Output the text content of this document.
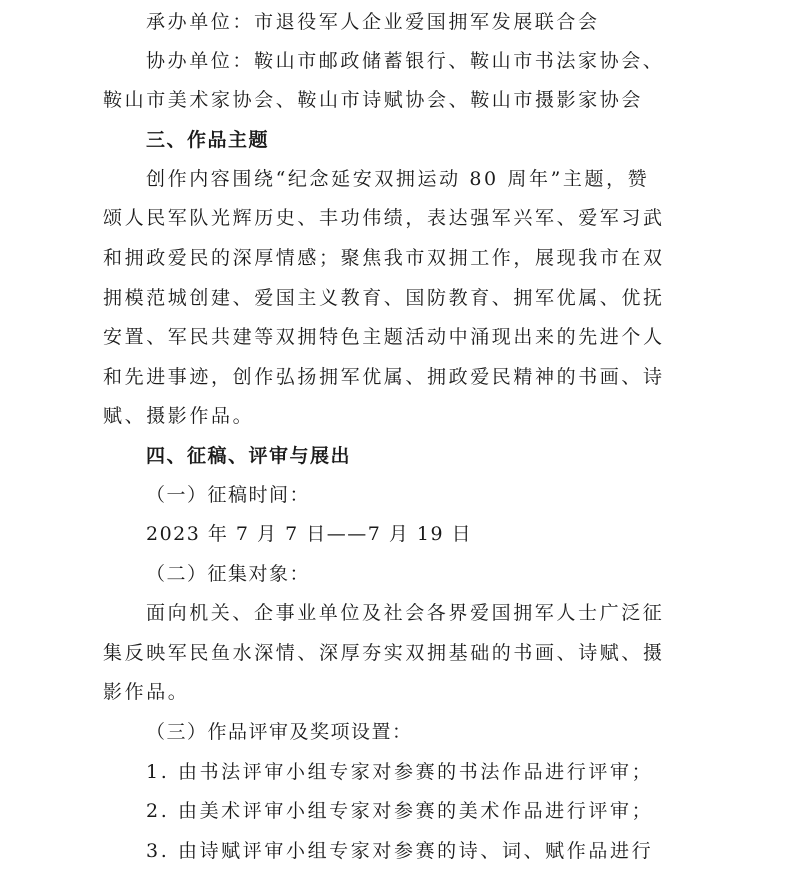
承办单位：市退役军人企业爱国拥军发展联合会
协办单位：鞍山市邮政储蓄银行、鞍山市书法家协会、
鞍山市美术家协会、鞍山市诗赋协会、鞍山市摄影家协会
三、作品主题
创作内容围绕“纪念延安双拥运动 80 周年”主题，赞
颂人民军队光辉历史、丰功伟绩，表达强军兴军、爱军习武
和拥政爱民的深厚情感；聚焦我市双拥工作，展现我市在双
拥模范城创建、爱国主义教育、国防教育、拥军优属、优抚
安置、军民共建等双拥特色主题活动中涌现出来的先进个人
和先进事迹，创作弘扬拥军优属、拥政爱民精神的书画、诗
赋、摄影作品。
四、征稿、评审与展出
（一）征稿时间：
2023 年 7 月 7 日——7 月 19 日
（二）征集对象：
面向机关、企事业单位及社会各界爱国拥军人士广泛征
集反映军民鱼水深情、深厚夯实双拥基础的书画、诗赋、摄
影作品。
（三）作品评审及奖项设置：
1. 由书法评审小组专家对参赛的书法作品进行评审；
2. 由美术评审小组专家对参赛的美术作品进行评审；
3. 由诗赋评审小组专家对参赛的诗、词、赋作品进行
